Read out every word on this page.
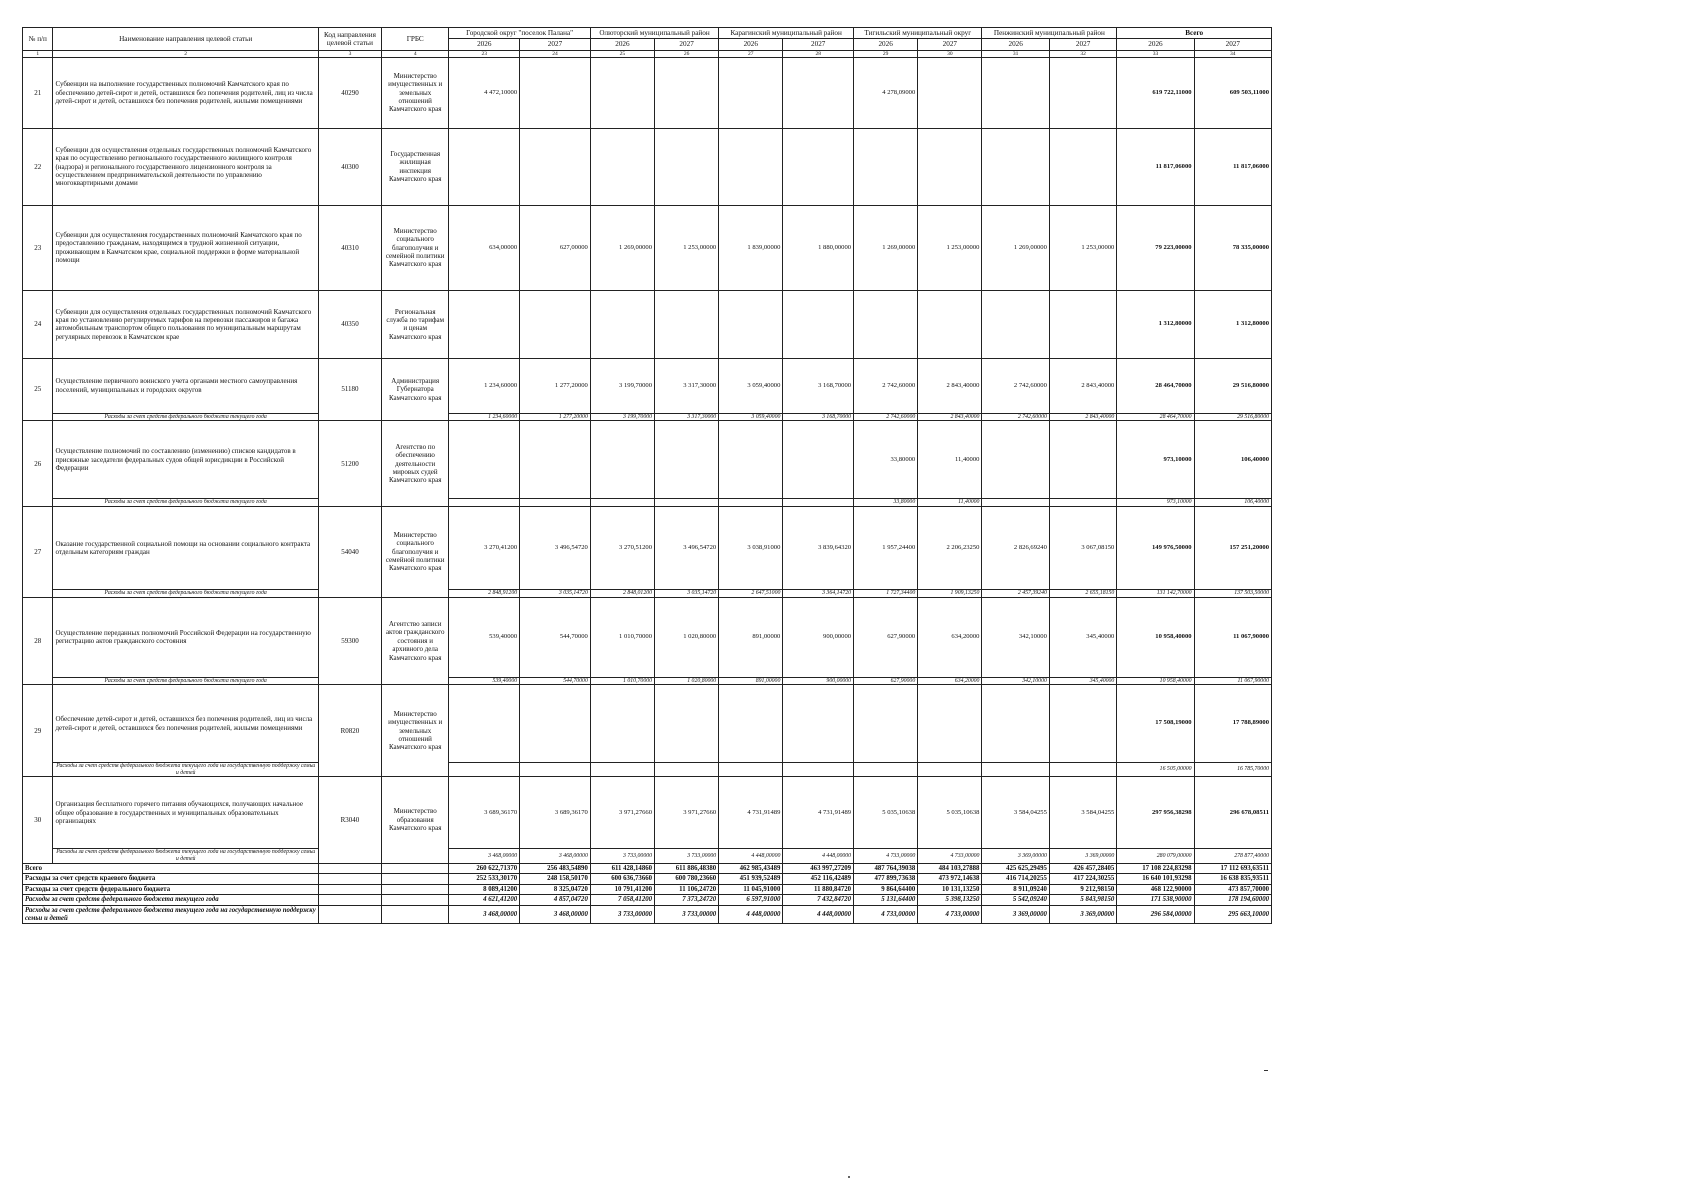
№ п/п	Наименование направления целевой статьи	Код направления целевой статьи	ГРБС	Городской округ "поселок Палана"		Олюторский муниципальный район		Карагинский муниципальный район		Тигильский муниципальный округ		Пенжинский муниципальный район		Всего	
				2026	2027	2026	2027	2026	2027	2026	2027	2026	2027	2026	2027
1	2	3	4	23	24	25	26	27	28	29	30	31	32	33	34
21	Субвенции на выполнение государственных полномочий Камчатского края по обеспечению детей-сирот и детей, оставшихся без попечения родителей, лиц из числа детей-сирот и детей, оставшихся без попечения родителей, жилыми помещениями	40290	Министерство имущественных и земельных отношений Камчатского края	4 472,10000						4 278,09000				619 722,11000	609 503,11000
22	Субвенции для осуществления отдельных государственных полномочий Камчатского края по осуществлению регионального государственного жилищного контроля (надзора) и регионального государственного лицензионного контроля за осуществлением предпринимательской деятельности по управлению многоквартирными домами	40300	Государственная жилищная инспекция Камчатского края											11 817,06000	11 817,06000
23	Субвенции для осуществления государственных полномочий Камчатского края по предоставлению гражданам, находящимся в трудной жизненной ситуации, проживающим в Камчатском крае, социальной поддержки в форме материальной помощи	40310	Министерство социального благополучия и семейной политики Камчатского края	634,00000	627,00000	1 269,00000	1 253,00000	1 839,00000	1 880,00000	1 269,00000	1 253,00000	1 269,00000	1 253,00000	79 223,00000	78 335,00000
24	Субвенции для осуществления отдельных государственных полномочий Камчатского края по установлению регулируемых тарифов на перевозки пассажиров и багажа автомобильным транспортом общего пользования по муниципальным маршрутам регулярных перевозок в Камчатском крае	40350	Региональная служба по тарифам и ценам Камчатского края											1 312,80000	1 312,80000
25	Осуществление первичного воинского учета органами местного самоуправления поселений, муниципальных и городских округов	51180	Администрация Губернатора Камчатского края	1 234,60000	1 277,20000	3 199,70000	3 317,30000	3 059,40000	3 168,70000	2 742,60000	2 843,40000	2 742,60000	2 843,40000	28 464,70000	29 516,80000
	Расходы за счет средств федерального бюджета текущего года			1 234,60000	1 277,20000	3 199,70000	3 317,30000	3 059,40000	3 168,70000	2 742,60000	2 843,40000	2 742,60000	2 843,40000	28 464,70000	29 516,80000
26	Осуществление полномочий по составлению (изменению) списков кандидатов в присяжные заседатели федеральных судов общей юрисдикции в Российской Федерации	51200	Агентство по обеспечению деятельности мировых судей Камчатского края							33,80000	11,40000			973,10000	106,40000
	Расходы за счет средств федерального бюджета текущего года									33,80000	11,40000			973,10000	106,40000
27	Оказание государственной социальной помощи на основании социального контракта отдельным категориям граждан	54040	Министерство социального благополучия и семейной политики Камчатского края	3 270,41200	3 496,54720	3 270,51200	3 496,54720	3 038,91000	3 839,64320	1 957,24400	2 206,23250	2 826,69240	3 067,08150	149 976,50000	157 251,20000
	Расходы за счет средств федерального бюджета текущего года			2 848,91200	3 035,14720	2 848,01200	3 035,14720	2 647,51000	3 364,14720	1 727,34400	1 909,13250	2 457,39240	2 655,18150	131 142,70000	137 503,50000
28	Осуществление переданных полномочий Российской Федерации на государственную регистрацию актов гражданского состояния	59300	Агентство записи актов гражданского состояния и архивного дела Камчатского края	539,40000	544,70000	1 010,70000	1 020,80000	891,00000	900,00000	627,90000	634,20000	342,10000	345,40000	10 958,40000	11 067,90000
	Расходы за счет средств федерального бюджета текущего года			539,40000	544,70000	1 010,70000	1 020,80000	891,00000	900,00000	627,90000	634,20000	342,10000	345,40000	10 958,40000	11 067,90000
29	Обеспечение детей-сирот и детей, оставшихся без попечения родителей, лиц из числа детей-сирот и детей, оставшихся без попечения родителей, жилыми помещениями	R0820	Министерство имущественных и земельных отношений Камчатского края											17 508,19000	17 788,89000
	Расходы за счет средств федерального бюджета текущего года на государственную поддержку семьи и детей													16 505,00000	16 785,70000
30	Организация бесплатного горячего питания обучающихся, получающих начальное общее образование в государственных и муниципальных образовательных организациях	R3040	Министерство образования Камчатского края	3 689,36170	3 689,36170	3 971,27660	3 971,27660	4 731,91489	4 731,91489	5 035,10638	5 035,10638	3 584,04255	3 584,04255	297 956,38298	296 678,08511
	Расходы за счет средств федерального бюджета текущего года на государственную поддержку семьи и детей			3 468,00000	3 468,00000	3 733,00000	3 733,00000	4 448,00000	4 448,00000	4 733,00000	4 733,00000	3 369,00000	3 369,00000	280 079,00000	278 877,40000
Всего				260 622,71370	256 483,54890	611 428,14860	611 886,48380	462 985,43489	463 997,27209	487 764,39038	484 103,27888	425 625,29495	426 457,28405	17 108 224,83298	17 112 693,63511
Расходы за счет средств краевого бюджета				252 533,30170	248 158,50170	600 636,73660	600 780,23660	451 939,52489	452 116,42489	477 899,73638	473 972,14638	416 714,20255	417 224,30255	16 640 101,93298	16 638 835,93511
Расходы за счет средств федерального бюджета				8 089,41200	8 325,04720	10 791,41200	11 106,24720	11 045,91000	11 880,84720	9 864,64400	10 131,13250	8 911,09240	9 212,98150	468 122,90000	473 857,70000
Расходы за счет средств федерального бюджета текущего года				4 621,41200	4 857,04720	7 058,41200	7 373,24720	6 597,91000	7 432,84720	5 131,64400	5 398,13250	5 542,09240	5 843,98150	171 538,90000	178 194,60000
Расходы за счет средств федерального бюджета текущего года на государственную поддержку семьи и детей				3 468,00000	3 468,00000	3 733,00000	3 733,00000	4 448,00000	4 448,00000	4 733,00000	4 733,00000	3 369,00000	3 369,00000	296 584,00000	295 663,10000
